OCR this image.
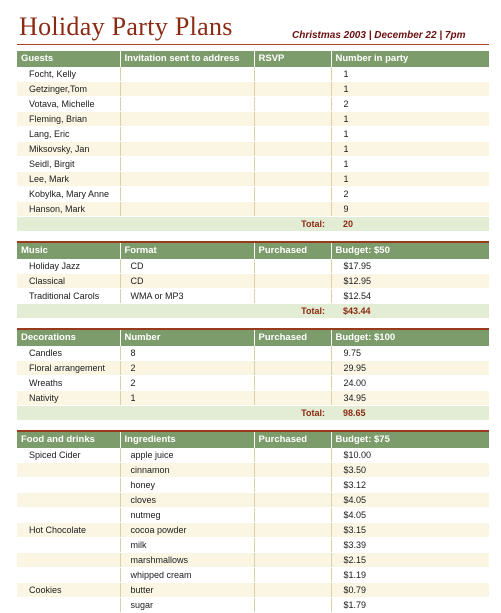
Holiday Party Plans	Christmas 2003 | December 22 | 7pm
Guests	Invitation sent to address	RSVP	Number in party
Focht, Kelly			1
Getzinger,Tom			1
Votava, Michelle			2
Fleming, Brian			1
Lang, Eric			1
Miksovsky, Jan			1
Seidl, Birgit			1
Lee, Mark			1
Kobylka, Mary Anne			2
Hanson, Mark			9
		Total:	20
Music	Format	Purchased	Budget: $50
Holiday Jazz	CD		$17.95
Classical	CD		$12.95
Traditional Carols	WMA or MP3		$12.54
		Total:	$43.44
Decorations	Number	Purchased	Budget: $100
Candles	8		9.75
Floral arrangement	2		29.95
Wreaths	2		24.00
Nativity	1		34.95
		Total:	98.65
Food and drinks	Ingredients	Purchased	Budget: $75
Spiced Cider	apple juice		$10.00
	cinnamon		$3.50
	honey		$3.12
	cloves		$4.05
	nutmeg		$4.05
Hot Chocolate	cocoa powder		$3.15
	milk		$3.39
	marshmallows		$2.15
	whipped cream		$1.19
Cookies	butter		$0.79
	sugar		$1.79
